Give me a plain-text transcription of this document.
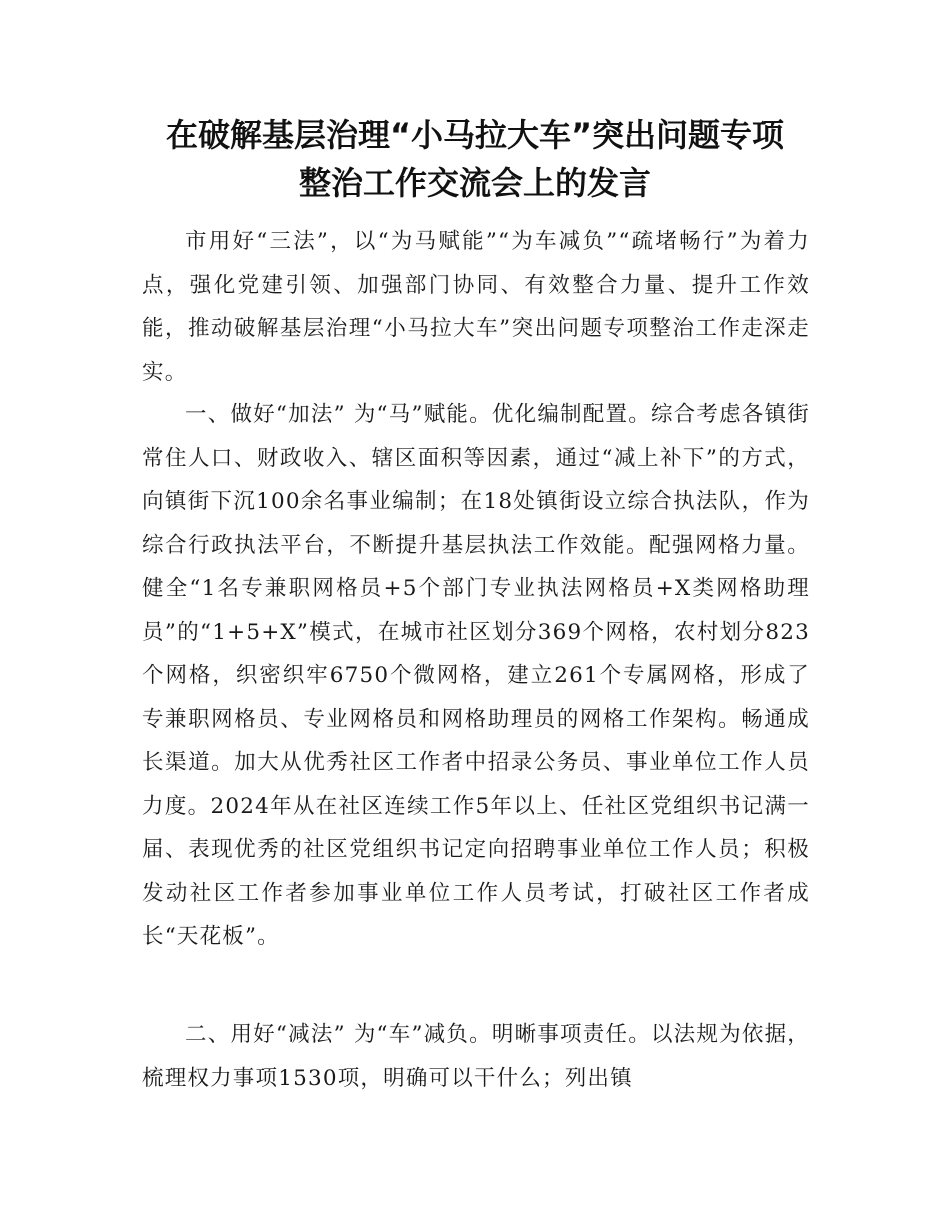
在破解基层治理“小马拉大车”突出问题专项
整治工作交流会上的发言

市用好“三法”，以“为马赋能”“为车减负”“疏堵畅行”为着力点，强化党建引领、加强部门协同、有效整合力量、提升工作效能，推动破解基层治理“小马拉大车”突出问题专项整治工作走深走实。

一、做好“加法” 为“马”赋能。优化编制配置。综合考虑各镇街常住人口、财政收入、辖区面积等因素，通过“减上补下”的方式，向镇街下沉100余名事业编制；在18处镇街设立综合执法队，作为综合行政执法平台，不断提升基层执法工作效能。配强网格力量。健全“1名专兼职网格员+5个部门专业执法网格员+X类网格助理员”的“1+5+X”模式，在城市社区划分369个网格，农村划分823个网格，织密织牢6750个微网格，建立261个专属网格，形成了专兼职网格员、专业网格员和网格助理员的网格工作架构。畅通成长渠道。加大从优秀社区工作者中招录公务员、事业单位工作人员力度。2024年从在社区连续工作5年以上、任社区党组织书记满一届、表现优秀的社区党组织书记定向招聘事业单位工作人员；积极发动社区工作者参加事业单位工作人员考试，打破社区工作者成长“天花板”。

二、用好“减法” 为“车”减负。明晰事项责任。以法规为依据，梳理权力事项1530项，明确可以干什么；列出镇
